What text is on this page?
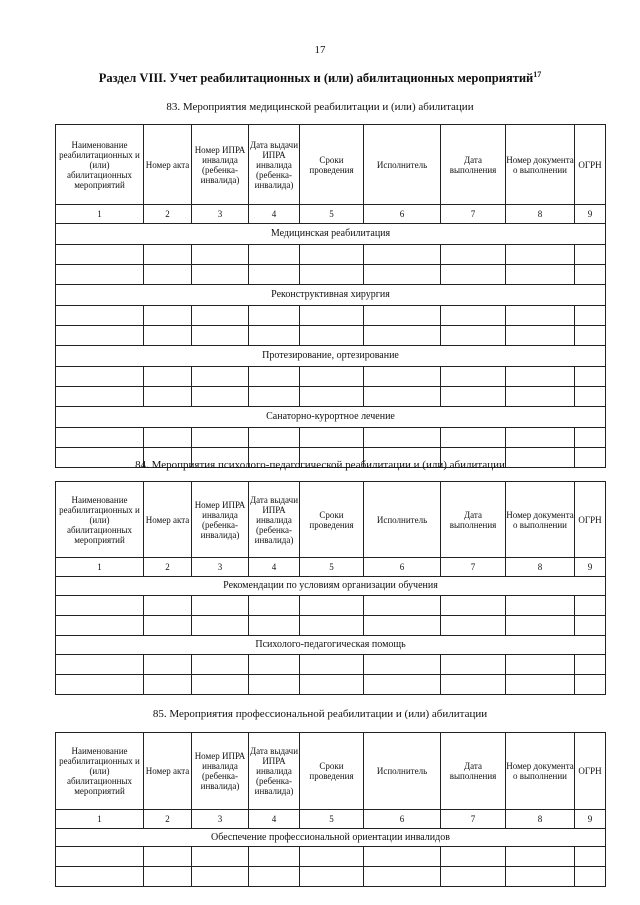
17
Раздел VIII. Учет реабилитационных и (или) абилитационных мероприятий$^{17}$
83. Мероприятия медицинской реабилитации и (или) абилитации
Наименование реабилитационных и (или) абилитационных мероприятий	Номер акта	Номер ИПРА инвалида (ребенка-инвалида)	Дата выдачи ИПРА инвалида (ребенка-инвалида)	Сроки проведения	Исполнитель	Дата выполнения	Номер документа о выполнении	ОГРН
1	2	3	4	5	6	7	8	9
Медицинская реабилитация								

Реконструктивная хирургия								

Протезирование, ортезирование								

Санаторно-курортное лечение								

84. Мероприятия психолого-педагогической реабилитации и (или) абилитации
Наименование реабилитационных и (или) абилитационных мероприятий	Номер акта	Номер ИПРА инвалида (ребенка-инвалида)	Дата выдачи ИПРА инвалида (ребенка-инвалида)	Сроки проведения	Исполнитель	Дата выполнения	Номер документа о выполнении	ОГРН
1	2	3	4	5	6	7	8	9
Рекомендации по условиям организации обучения								

Психолого-педагогическая помощь								

85. Мероприятия профессиональной реабилитации и (или) абилитации
Наименование реабилитационных и (или) абилитационных мероприятий	Номер акта	Номер ИПРА инвалида (ребенка-инвалида)	Дата выдачи ИПРА инвалида (ребенка-инвалида)	Сроки проведения	Исполнитель	Дата выполнения	Номер документа о выполнении	ОГРН
1	2	3	4	5	6	7	8	9
Обеспечение профессиональной ориентации инвалидов								
